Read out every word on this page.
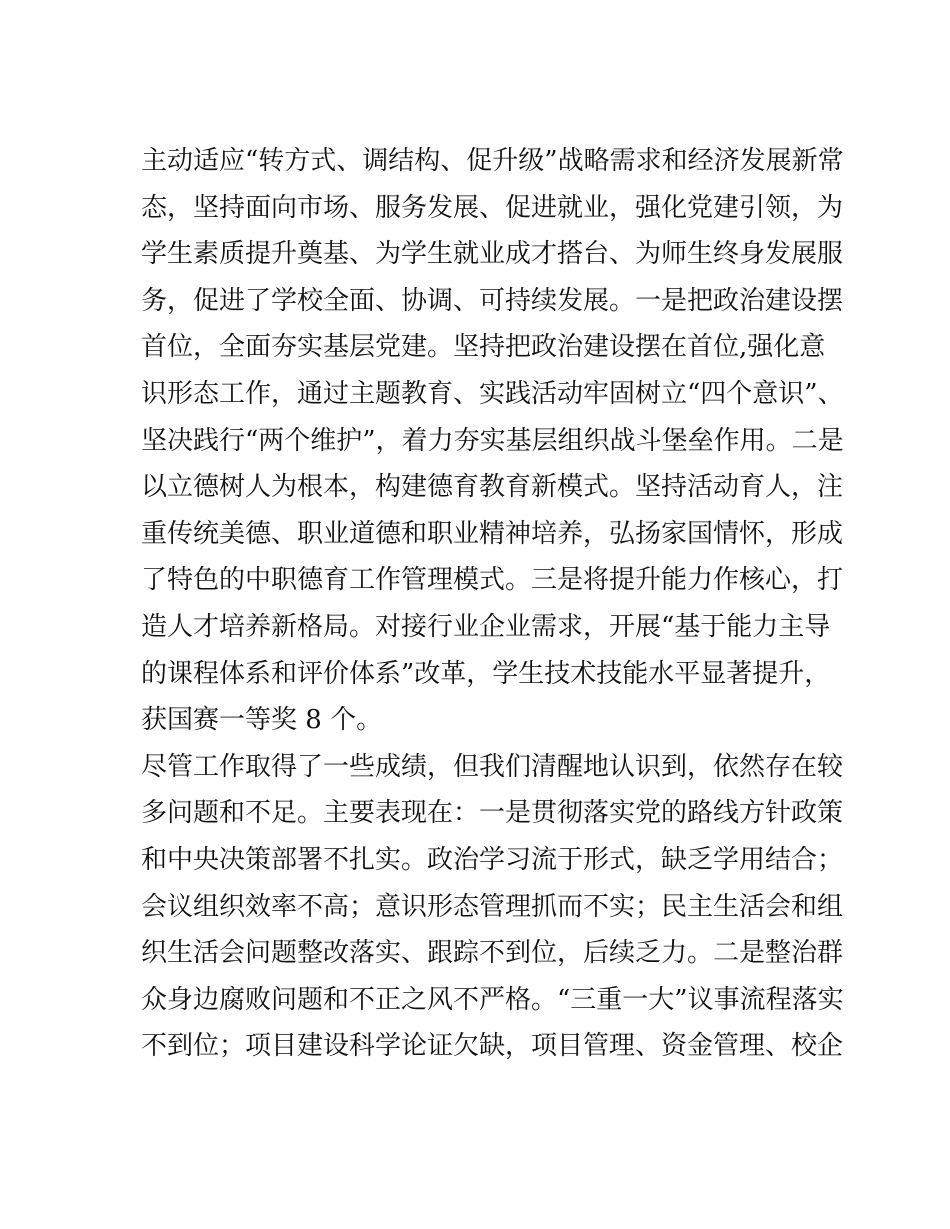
主动适应“转方式、调结构、促升级”战略需求和经济发展新常
态，坚持面向市场、服务发展、促进就业，强化党建引领，为
学生素质提升奠基、为学生就业成才搭台、为师生终身发展服
务，促进了学校全面、协调、可持续发展。一是把政治建设摆
首位，全面夯实基层党建。坚持把政治建设摆在首位,强化意
识形态工作，通过主题教育、实践活动牢固树立“四个意识”、
坚决践行“两个维护”，着力夯实基层组织战斗堡垒作用。二是
以立德树人为根本，构建德育教育新模式。坚持活动育人，注
重传统美德、职业道德和职业精神培养，弘扬家国情怀，形成
了特色的中职德育工作管理模式。三是将提升能力作核心，打
造人才培养新格局。对接行业企业需求，开展“基于能力主导
的课程体系和评价体系”改革，学生技术技能水平显著提升，
获国赛一等奖 8 个。
尽管工作取得了一些成绩，但我们清醒地认识到，依然存在较
多问题和不足。主要表现在：一是贯彻落实党的路线方针政策
和中央决策部署不扎实。政治学习流于形式，缺乏学用结合；
会议组织效率不高；意识形态管理抓而不实；民主生活会和组
织生活会问题整改落实、跟踪不到位，后续乏力。二是整治群
众身边腐败问题和不正之风不严格。“三重一大”议事流程落实
不到位；项目建设科学论证欠缺，项目管理、资金管理、校企
